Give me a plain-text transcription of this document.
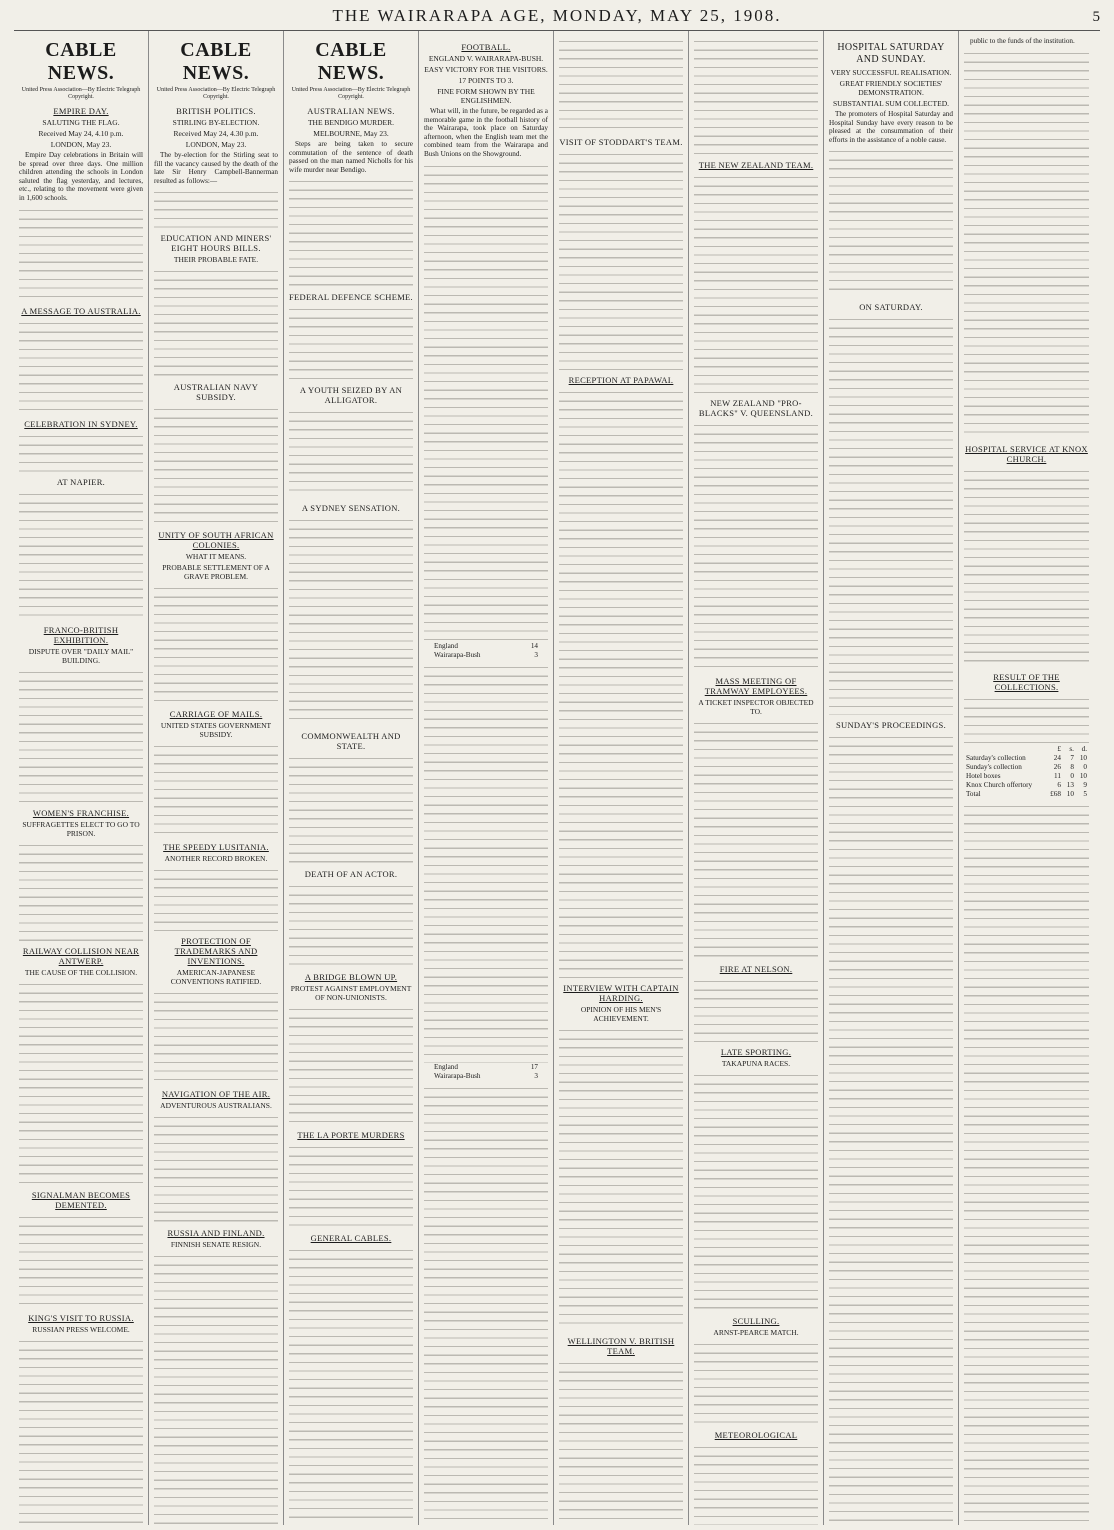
THE WAIRARAPA AGE, MONDAY, MAY 25, 1908.	5
CABLE NEWS.
United Press Association—By Electric Telegraph Copyright.
EMPIRE DAY.
SALUTING THE FLAG.
Received May 24, 4.10 p.m.
LONDON, May 23.

Empire Day celebrations in Britain will be spread over three days. One million children attending the schools in London saluted the flag yesterday, and lectures, etc., relating to the movement were given in 1,600 schools.

A MESSAGE TO AUSTRALIA.
CELEBRATION IN SYDNEY.
AT NAPIER.
FRANCO-BRITISH EXHIBITION.
DISPUTE OVER "DAILY MAIL" BUILDING.
WOMEN'S FRANCHISE.
SUFFRAGETTES ELECT TO GO TO PRISON.
RAILWAY COLLISION NEAR ANTWERP.
THE CAUSE OF THE COLLISION.
SIGNALMAN BECOMES DEMENTED.
KING'S VISIT TO RUSSIA.
RUSSIAN PRESS WELCOME.
CABLE NEWS.
United Press Association—By Electric Telegraph Copyright.
BRITISH POLITICS.
STIRLING BY-ELECTION.
Received May 24, 4.30 p.m.
LONDON, May 23.

The by-election for the Stirling seat to fill the vacancy caused by the death of the late Sir Henry Campbell-Bannerman resulted as follows:—

EDUCATION AND MINERS' EIGHT HOURS BILLS.
THEIR PROBABLE FATE.
AUSTRALIAN NAVY SUBSIDY.
UNITY OF SOUTH AFRICAN COLONIES.
WHAT IT MEANS.
PROBABLE SETTLEMENT OF A GRAVE PROBLEM.
CARRIAGE OF MAILS.
UNITED STATES GOVERNMENT SUBSIDY.
THE SPEEDY LUSITANIA.
ANOTHER RECORD BROKEN.
PROTECTION OF TRADEMARKS AND INVENTIONS.
AMERICAN-JAPANESE CONVENTIONS RATIFIED.
NAVIGATION OF THE AIR.
ADVENTUROUS AUSTRALIANS.
RUSSIA AND FINLAND.
FINNISH SENATE RESIGN.
CABLE NEWS.
United Press Association—By Electric Telegraph Copyright.
AUSTRALIAN NEWS.
THE BENDIGO MURDER.
MELBOURNE, May 23.

Steps are being taken to secure commutation of the sentence of death passed on the man named Nicholls for his wife murder near Bendigo.

FEDERAL DEFENCE SCHEME.
A YOUTH SEIZED BY AN ALLIGATOR.
A SYDNEY SENSATION.
COMMONWEALTH AND STATE.
DEATH OF AN ACTOR.
A BRIDGE BLOWN UP.
PROTEST AGAINST EMPLOYMENT OF NON-UNIONISTS.
THE LA PORTE MURDERS
GENERAL CABLES.
FOOTBALL.
ENGLAND V. WAIRARAPA-BUSH.
EASY VICTORY FOR THE VISITORS.
17 POINTS TO 3.
FINE FORM SHOWN BY THE ENGLISHMEN.

What will, in the future, be regarded as a memorable game in the football history of the Wairarapa, took place on Saturday afternoon, when the English team met the combined team from the Wairarapa and Bush Unions on the Showground.

England	14
Wairarapa-Bush	3
England	17
Wairarapa-Bush	3
VISIT OF STODDART'S TEAM.
RECEPTION AT PAPAWAI.
INTERVIEW WITH CAPTAIN HARDING.
OPINION OF HIS MEN'S ACHIEVEMENT.
WELLINGTON V. BRITISH TEAM.
THE NEW ZEALAND TEAM.
NEW ZEALAND "PRO-BLACKS" V. QUEENSLAND.
MASS MEETING OF TRAMWAY EMPLOYEES.
A TICKET INSPECTOR OBJECTED TO.
FIRE AT NELSON.
LATE SPORTING.
TAKAPUNA RACES.
SCULLING.
ARNST-PEARCE MATCH.
METEOROLOGICAL
HOSPITAL SATURDAY AND SUNDAY.
VERY SUCCESSFUL REALISATION.
GREAT FRIENDLY SOCIETIES' DEMONSTRATION.
SUBSTANTIAL SUM COLLECTED.

The promoters of Hospital Saturday and Hospital Sunday have every reason to be pleased at the consummation of their efforts in the assistance of a noble cause.

ON SATURDAY.
SUNDAY'S PROCEEDINGS.

public to the funds of the institution.

HOSPITAL SERVICE AT KNOX CHURCH.
RESULT OF THE COLLECTIONS.
	£	s.	d.
Saturday's collection	24	7	10
Sunday's collection	26	8	0
Hotel boxes	11	0	10
Knox Church offertory	6	13	9
Total	£68	10	5
